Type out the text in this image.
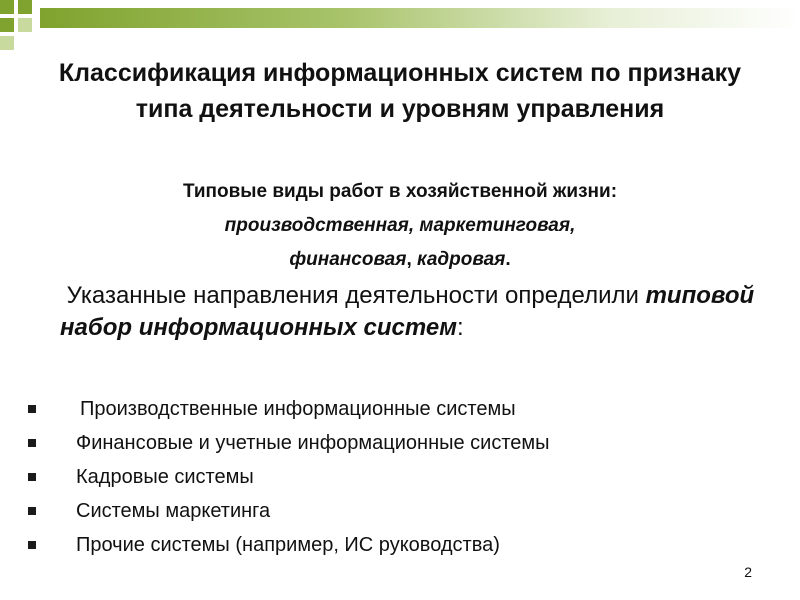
Классификация информационных систем по признаку типа деятельности и уровням управления
Типовые виды работ в хозяйственной жизни:
производственная, маркетинговая,
финансовая, кадровая.
Указанные направления деятельности определили типовой набор информационных систем:
Производственные информационные системы
Финансовые и учетные информационные системы
Кадровые системы
Системы маркетинга
Прочие системы (например, ИС руководства)
2
